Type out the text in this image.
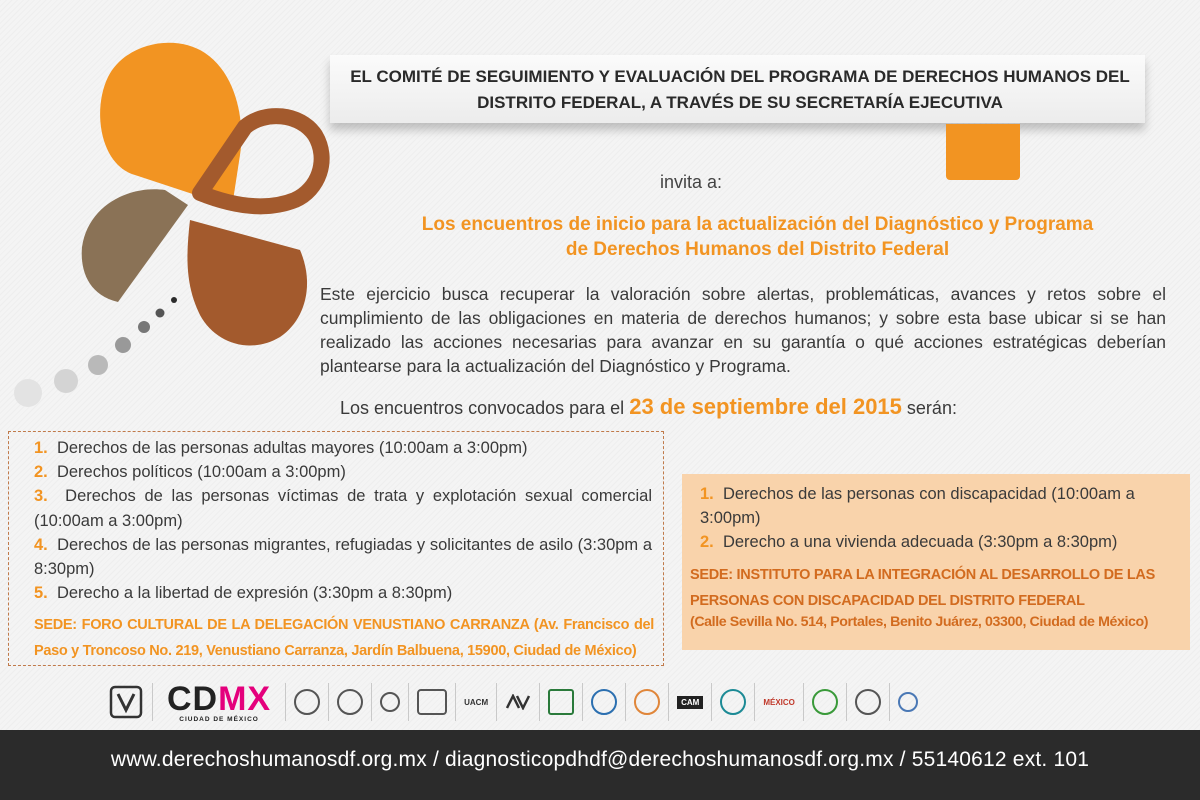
EL COMITÉ DE SEGUIMIENTO Y EVALUACIÓN DEL PROGRAMA DE DERECHOS HUMANOS DEL
DISTRITO FEDERAL, A TRAVÉS DE SU SECRETARÍA EJECUTIVA
invita a:
Los encuentros de inicio para la actualización del Diagnóstico y Programa
de Derechos Humanos del Distrito Federal

Este ejercicio busca recuperar la valoración sobre alertas, problemáticas, avances y retos sobre el cumplimiento de las obligaciones en materia de derechos humanos; y sobre esta base ubicar si se han realizado las acciones necesarias para avanzar en su garantía o qué acciones estratégicas deberían plantearse para la actualización del Diagnóstico y Programa.

Los encuentros convocados para el 23 de septiembre del 2015 serán:
1. Derechos de las personas adultas mayores (10:00am a 3:00pm)
2. Derechos políticos (10:00am a 3:00pm)
3. Derechos de las personas víctimas de trata y explotación sexual comercial (10:00am a 3:00pm)
4. Derechos de las personas migrantes, refugiadas y solicitantes de asilo (3:30pm a 8:30pm)
5. Derecho a la libertad de expresión (3:30pm a 8:30pm)

SEDE: FORO CULTURAL DE LA DELEGACIÓN VENUSTIANO CARRANZA (Av. Francisco del Paso y Troncoso No. 219, Venustiano Carranza, Jardín Balbuena, 15900, Ciudad de México)

1. Derechos de las personas con discapacidad (10:00am a 3:00pm)
2. Derecho a una vivienda adecuada (3:30pm a 8:30pm)

SEDE: INSTITUTO PARA LA INTEGRACIÓN AL DESARROLLO DE LAS PERSONAS CON DISCAPACIDAD DEL DISTRITO FEDERAL

(Calle Sevilla No. 514, Portales, Benito Juárez, 03300, Ciudad de México)

CDMX
CIUDAD DE MÉXICO
UACM	CAM	MÉXICO
www.derechoshumanosdf.org.mx / diagnosticopdhdf@derechoshumanosdf.org.mx / 55140612 ext. 101
